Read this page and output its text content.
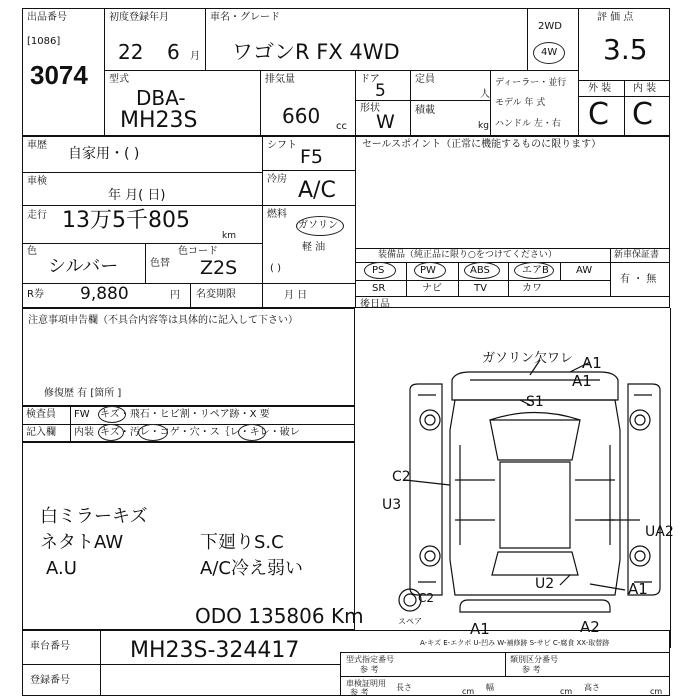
出品番号
[1086]
3074
初度登録年月
22 6 月
車名・グレード
ワゴンR FX 4WD
2WD
4W
評 価 点
3.5
型式
DBA-
MH23S
排気量
660 cc
ドア
5
形状
W
定員
人
積載
kg
ディーラー・並行
モデル 年 式
ハンドル 左・右
外 装 内 装
C C
車歴
自家用・( )
車検
年 月( 日)
走行 13万5千805
km
色
シルバー	色替
色コード
Z2S
R券 9,880	円 名変期限	月 日
シフト
F5
冷房 A/C
燃料
ガソリン
軽 油
( )
セールスポイント（正常に機能するものに限ります）
装備品（純正品に限り○をつけてください）	新車保証書
有 ・ 無
PS	PW	ABS	エアB	AW
SR	ナビ	TV	カワ
後日品
注意事項申告欄（不具合内容等は具体的に記入して下さい）
修復歴 有 [箇所 ]
検査員
記入欄
FW キズ・飛石・ヒビ割・リペア跡・X 要
内装 キズ・汚レ・コゲ・穴・ス｛レ・キレ・破レ
白ミラーキズ
ネタトAW
A.U
下廻りS.C
A/C冷え弱い
ODO 135806 Km
ガソリン欠ワレ A1
A1
S1
C2
U3
UA2
U2	A1
A1	A2
C2
スペア
A-キズ E-エクボ U-凹み W-補修跡 S-サビ C-腐食 XX-取替跡
車台番号	MH23S-324417
登録番号
型式指定番号
参 考
類別区分番号
参 考
車検証明用
参 考
長さ	cm 幅	cm 高さ	cm
